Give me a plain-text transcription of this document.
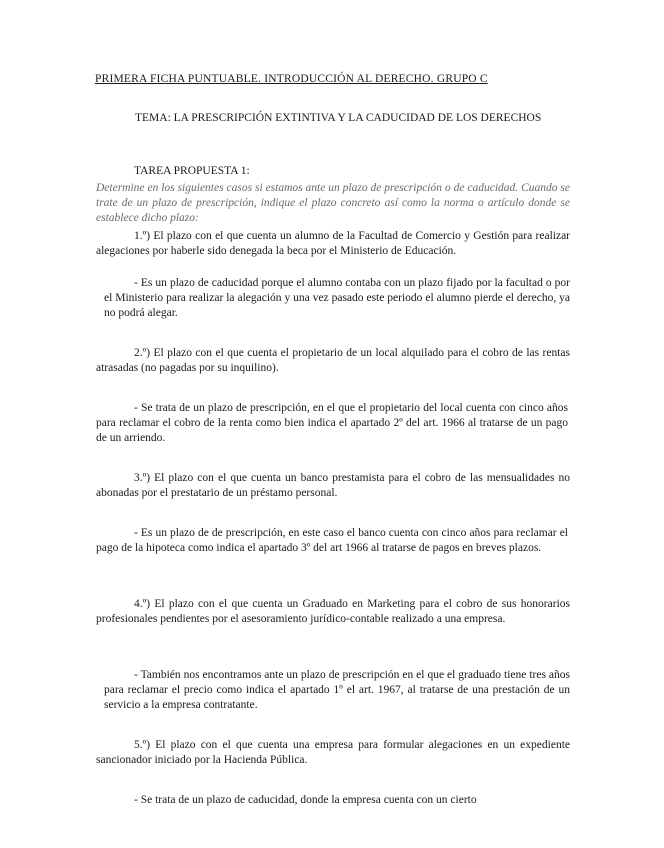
PRIMERA FICHA PUNTUABLE. INTRODUCCIÓN AL DERECHO. GRUPO C

TEMA: LA PRESCRIPCIÓN EXTINTIVA Y LA CADUCIDAD DE LOS DERECHOS

TAREA PROPUESTA 1:

Determine en los siguientes casos si estamos ante un plazo de prescripción o de caducidad. Cuando se trate de un plazo de prescripción, indique el plazo concreto así como la norma o artículo donde se establece dicho plazo:

1.º) El plazo con el que cuenta un alumno de la Facultad de Comercio y Gestión para realizar alegaciones por haberle sido denegada la beca por el Ministerio de Educación.

- Es un plazo de caducidad porque el alumno contaba con un plazo fijado por la facultad o por el Ministerio para realizar la alegación y una vez pasado este periodo el alumno pierde el derecho, ya no podrá alegar.

2.º) El plazo con el que cuenta el propietario de un local alquilado para el cobro de las rentas atrasadas (no pagadas por su inquilino).

- Se trata de un plazo de prescripción, en el que el propietario del local cuenta con cinco años para reclamar el cobro de la renta como bien indica el apartado 2º del art. 1966 al tratarse de un pago de un arriendo.

3.º) El plazo con el que cuenta un banco prestamista para el cobro de las mensualidades no abonadas por el prestatario de un préstamo personal.

- Es un plazo de de prescripción, en este caso el banco cuenta con cinco años para reclamar el pago de la hipoteca como indica el apartado 3º del art 1966 al tratarse de pagos en breves plazos.

4.º) El plazo con el que cuenta un Graduado en Marketing para el cobro de sus honorarios profesionales pendientes por el asesoramiento jurídico-contable realizado a una empresa.

- También nos encontramos ante un plazo de prescripción en el que el graduado tiene tres años para reclamar el precio como indica el apartado 1º el art. 1967, al tratarse de una prestación de un servicio a la empresa contratante.

5.º) El plazo con el que cuenta una empresa para formular alegaciones en un expediente sancionador iniciado por la Hacienda Pública.

- Se trata de un plazo de caducidad, donde la empresa cuenta con un cierto
